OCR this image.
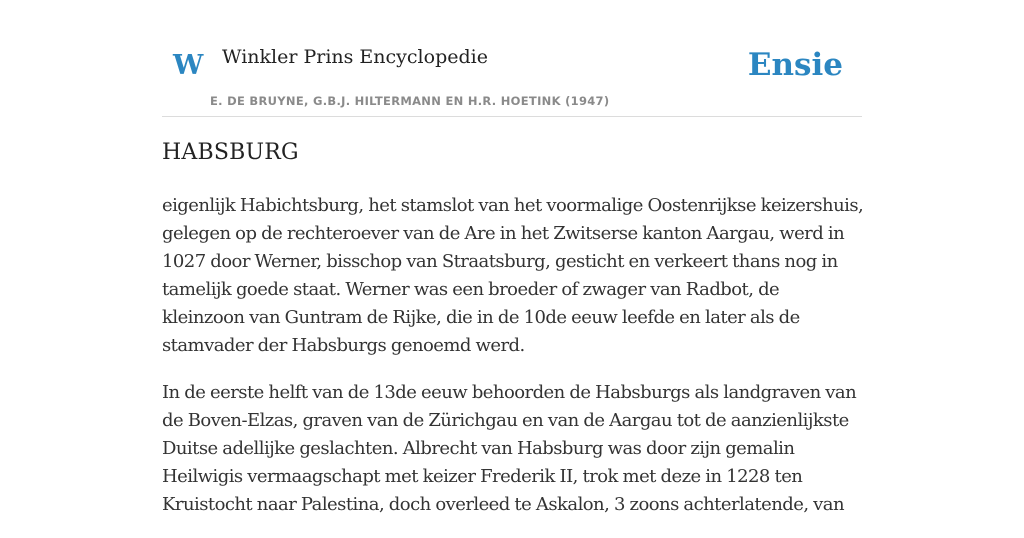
W Winkler Prins Encyclopedie
E. DE BRUYNE, G.B.J. HILTERMANN EN H.R. HOETINK (1947)
Ensie
HABSBURG

eigenlijk Habichtsburg, het stamslot van het voormalige Oostenrijkse keizershuis, gelegen op de rechteroever van de Are in het Zwitserse kanton Aargau, werd in 1027 door Werner, bisschop van Straatsburg, gesticht en verkeert thans nog in tamelijk goede staat. Werner was een broeder of zwager van Radbot, de kleinzoon van Guntram de Rijke, die in de 10de eeuw leefde en later als de stamvader der Habsburgs genoemd werd.

In de eerste helft van de 13de eeuw behoorden de Habsburgs als landgraven van de Boven-Elzas, graven van de Zürichgau en van de Aargau tot de aanzienlijkste Duitse adellijke geslachten. Albrecht van Habsburg was door zijn gemalin Heilwigis vermaagschapt met keizer Frederik II, trok met deze in 1228 ten Kruistocht naar Palestina, doch overleed te Askalon, 3 zoons achterlatende, van
